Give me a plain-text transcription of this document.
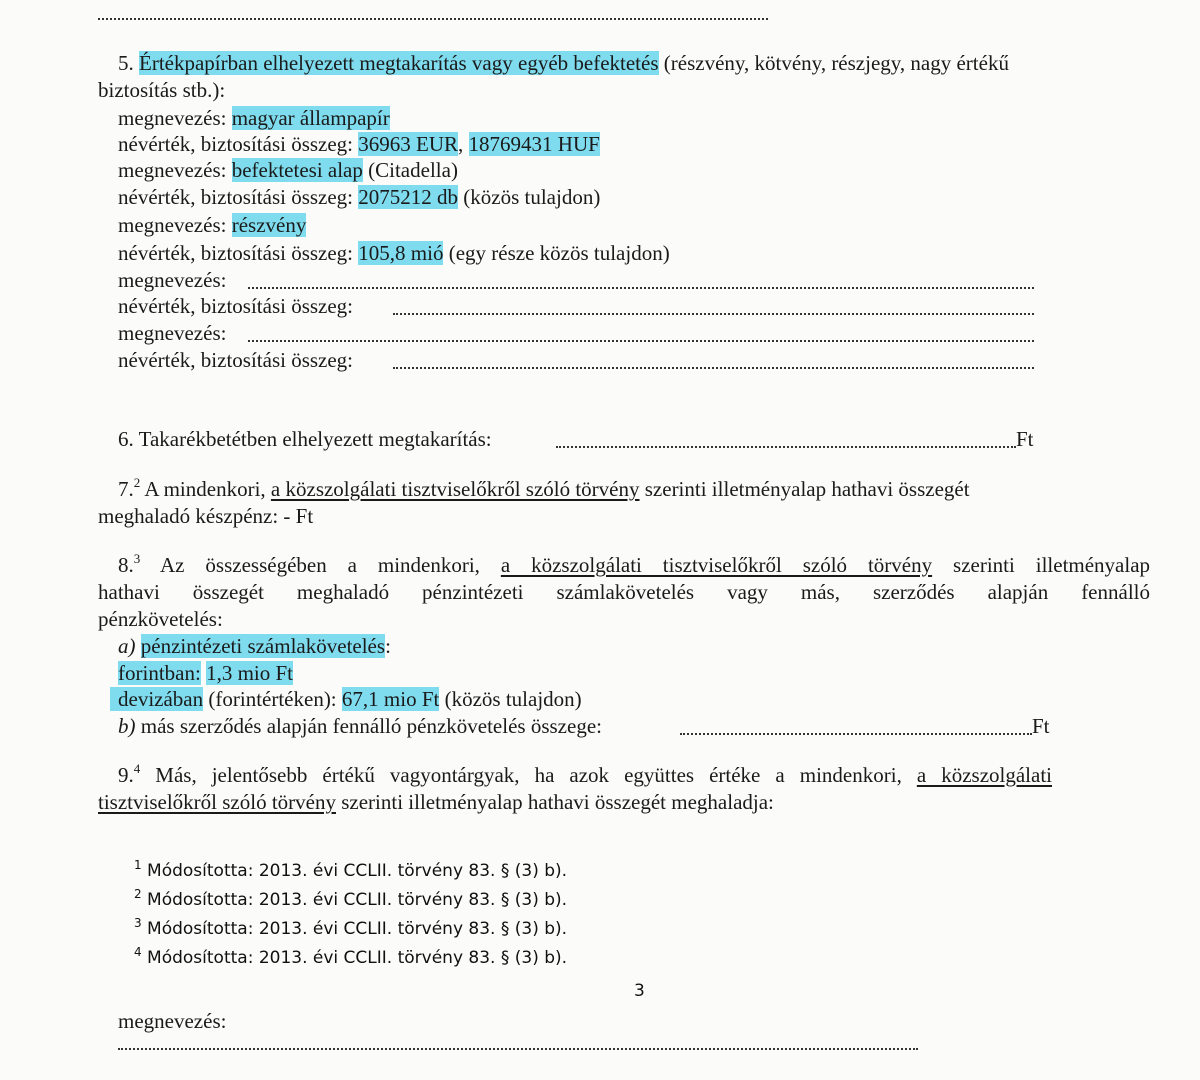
5. Értékpapírban elhelyezett megtakarítás vagy egyéb befektetés (részvény, kötvény, részjegy, nagy értékű
biztosítás stb.):
megnevezés: magyar állampapír
névérték, biztosítási összeg: 36963 EUR, 18769431 HUF
megnevezés: befektetesi alap (Citadella)
névérték, biztosítási összeg: 2075212 db (közös tulajdon)
megnevezés: részvény
névérték, biztosítási összeg: 105,8 mió (egy része közös tulajdon)
megnevezés:
névérték, biztosítási összeg:
megnevezés:
névérték, biztosítási összeg:
6. Takarékbetétben elhelyezett megtakarítás:	Ft
7.$^2$ A mindenkori, a közszolgálati tisztviselőkről szóló törvény szerinti illetményalap hathavi összegét
meghaladó készpénz: - Ft
8.$^3$ Az összességében a mindenkori, a közszolgálati tisztviselőkről szóló törvény szerinti illetményalap
hathavi összegét meghaladó pénzintézeti számlakövetelés vagy más, szerződés alapján fennálló
pénzkövetelés:
a) pénzintézeti számlakövetelés:
forintban: 1,3 mio Ft
devizában (forintértéken): 67,1 mio Ft (közös tulajdon)
b) más szerződés alapján fennálló pénzkövetelés összege:	Ft
9.$^4$ Más, jelentősebb értékű vagyontárgyak, ha azok együttes értéke a mindenkori, a közszolgálati
tisztviselőkről szóló törvény szerinti illetményalap hathavi összegét meghaladja:
$^1$ Módosította: 2013. évi CCLII. törvény 83. § (3) b).
$^2$ Módosította: 2013. évi CCLII. törvény 83. § (3) b).
$^3$ Módosította: 2013. évi CCLII. törvény 83. § (3) b).
$^4$ Módosította: 2013. évi CCLII. törvény 83. § (3) b).
3
megnevezés:
